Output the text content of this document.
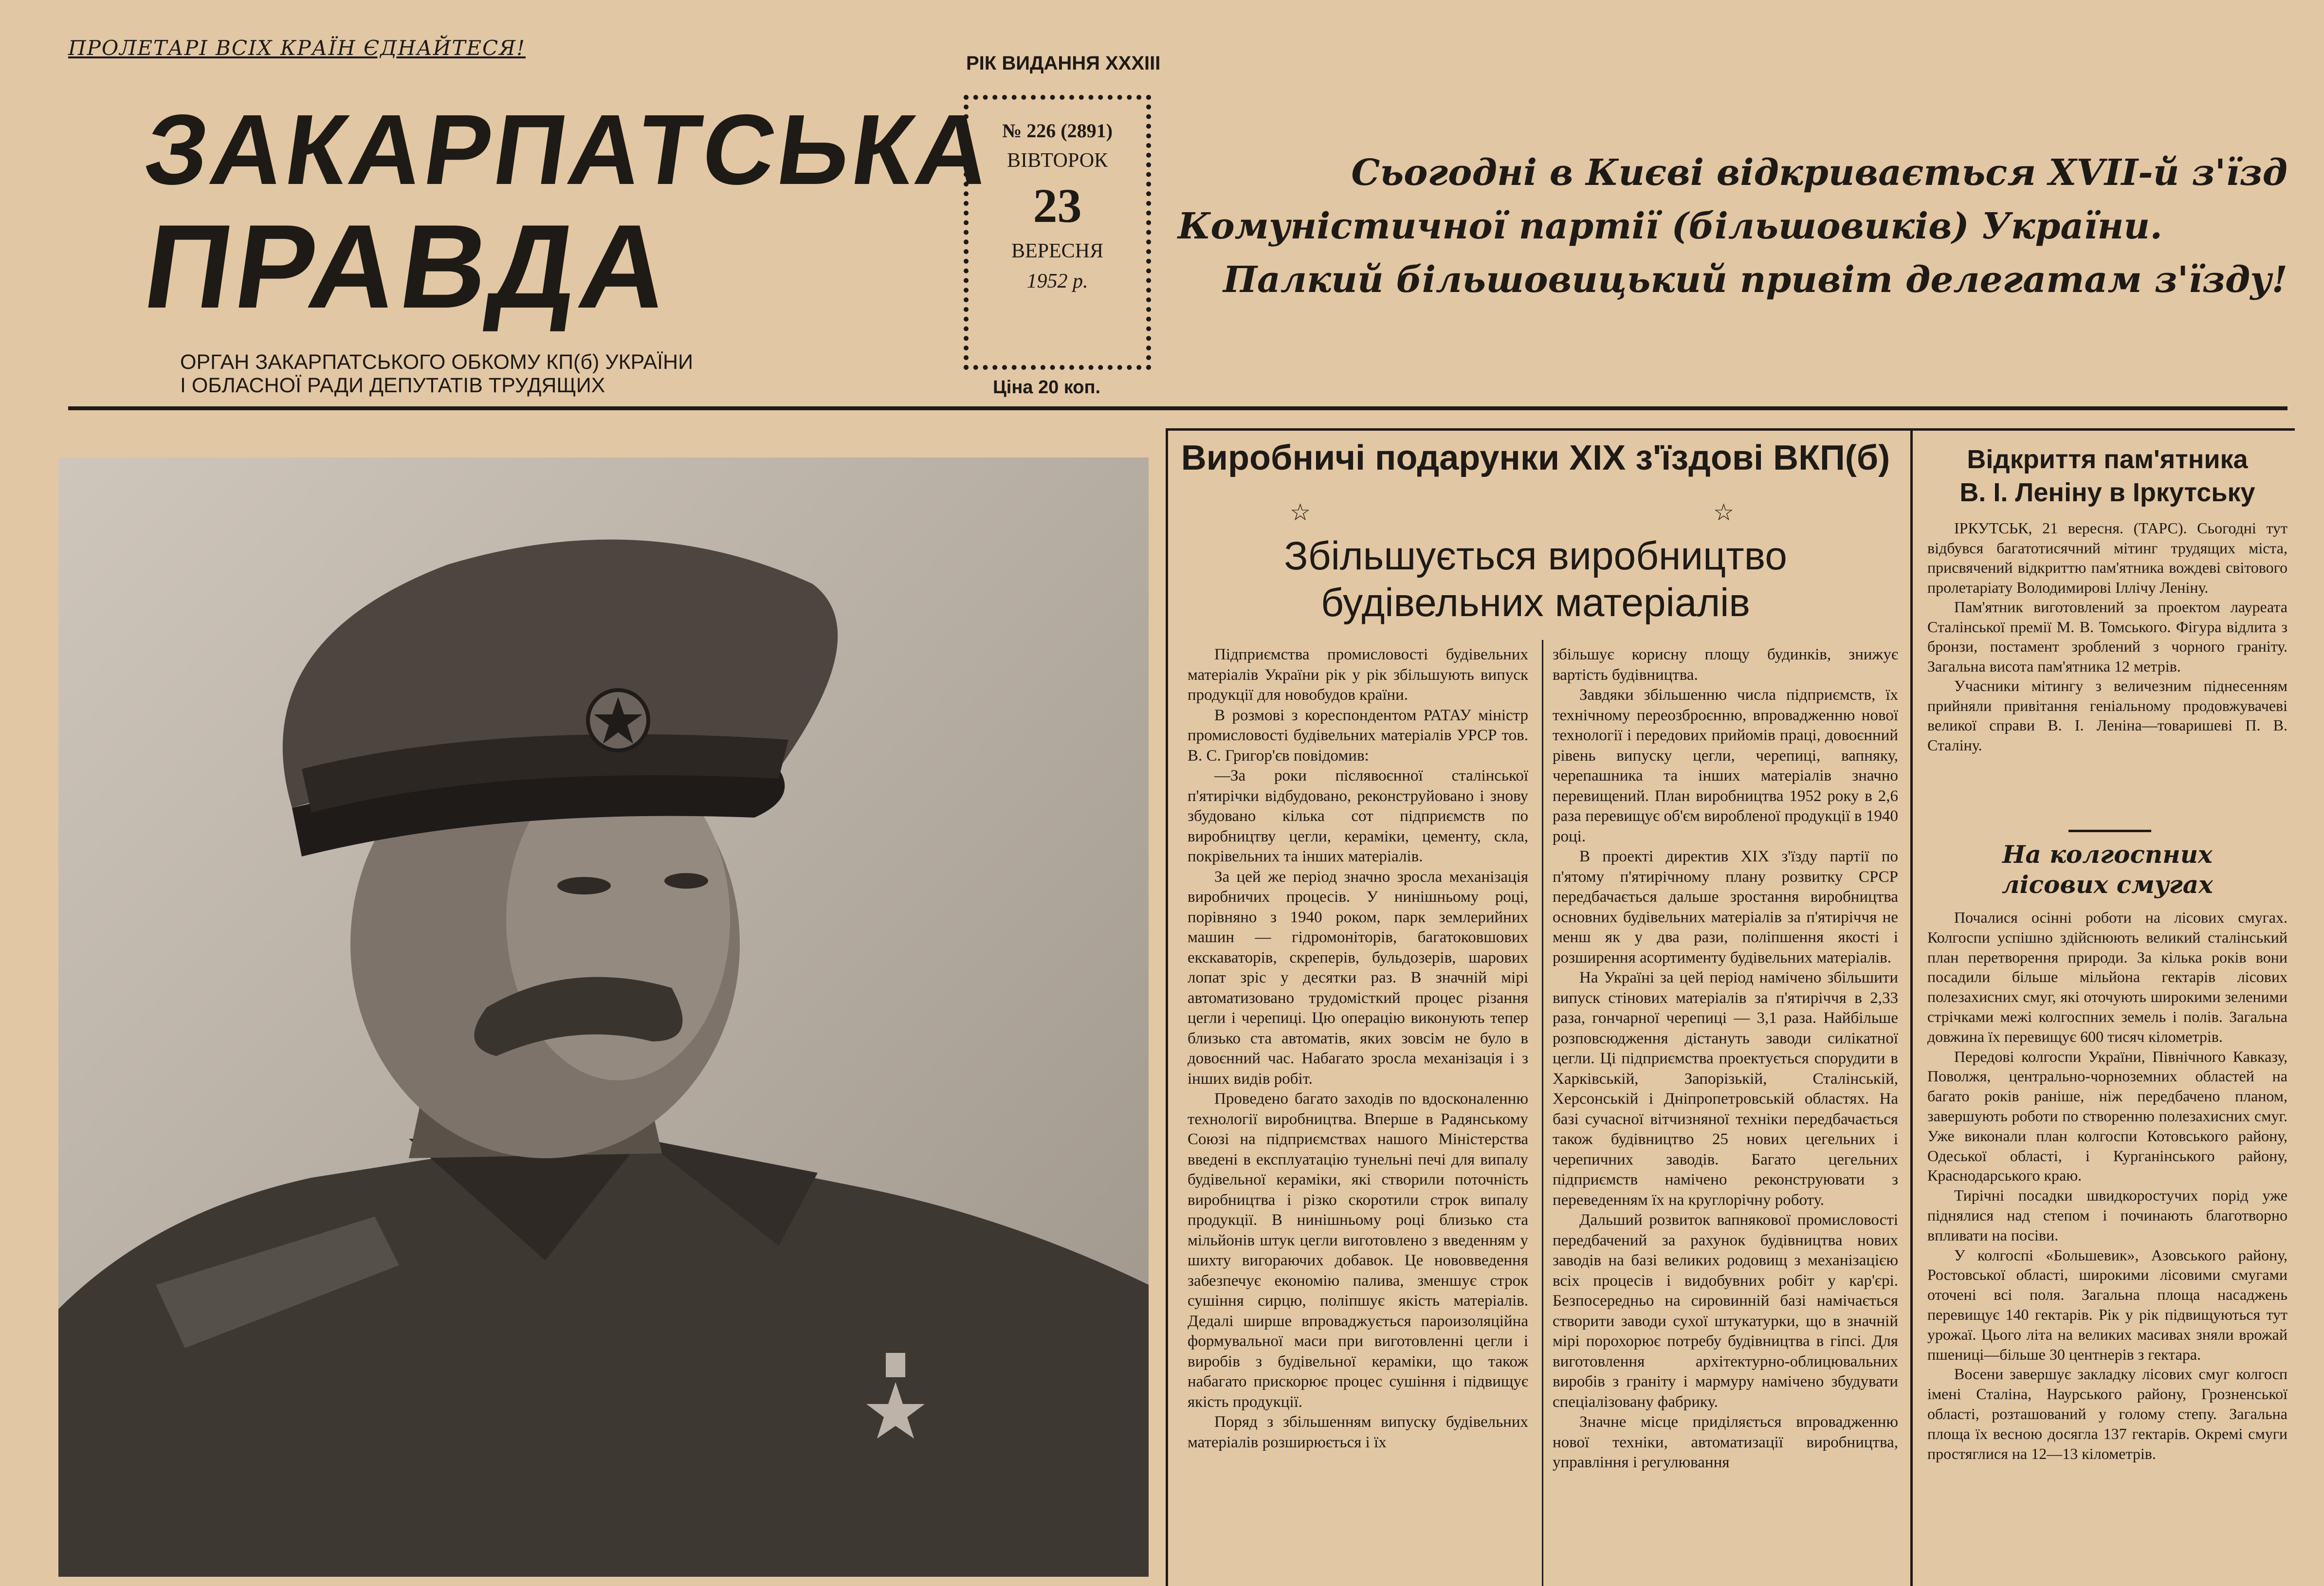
ПРОЛЕТАРІ ВСІХ КРАЇН ЄДНАЙТЕСЯ!
РІК ВИДАННЯ XXXIII
ЗАКАРПАТСЬКА
ПРАВДА
ОРГАН ЗАКАРПАТСЬКОГО ОБКОМУ КП(б) УКРАЇНИ
І ОБЛАСНОЇ РАДИ ДЕПУТАТІВ ТРУДЯЩИХ
№ 226 (2891)
ВІВТОРОК
23
ВЕРЕСНЯ
1952 р.
Ціна 20 коп.
Сьогодні в Києві відкривається XVII-й з'їзд
Комуністичної партії (більшовиків) України.
Палкий більшовицький привіт делегатам з'їзду!
Виробничі подарунки XIX з'їздові ВКП(б)
☆	☆
Збільшується виробництво будівельних матеріалів

Підприємства промисловості будівельних матеріалів України рік у рік збільшують випуск продукції для новобудов країни.

В розмові з кореспондентом РАТАУ міністр промисловості будівельних матеріалів УРСР тов. В. С. Григор'єв повідомив:

—За роки післявоєнної сталінської п'ятирічки відбудовано, реконструйовано і знову збудовано кілька сот підприємств по виробництву цегли, кераміки, цементу, скла, покрівельних та інших матеріалів.

За цей же період значно зросла механізація виробничих процесів. У нинішньому році, порівняно з 1940 роком, парк землерийних машин — гідромоніторів, багатоковшових екскаваторів, скреперів, бульдозерів, шарових лопат зріс у десятки раз. В значній мірі автоматизовано трудомісткий процес різання цегли і черепиці. Цю операцію виконують тепер близько ста автоматів, яких зовсім не було в довоєнний час. Набагато зросла механізація і з інших видів робіт.

Проведено багато заходів по вдосконаленню технології виробництва. Вперше в Радянському Союзі на підприємствах нашого Міністерства введені в експлуатацію тунельні печі для випалу будівельної кераміки, які створили поточність виробництва і різко скоротили строк випалу продукції. В нинішньому році близько ста мільйонів штук цегли виготовлено з введенням у шихту вигораючих добавок. Це нововведення забезпечує економію палива, зменшує строк сушіння сирцю, поліпшує якість матеріалів. Дедалі ширше впроваджується пароизоляційна формувальної маси при виготовленні цегли і виробів з будівельної кераміки, що також набагато прискорює процес сушіння і підвищує якість продукції.

Поряд з збільшенням випуску будівельних матеріалів розширюється і їх

збільшує корисну площу будинків, знижує вартість будівництва.

Завдяки збільшенню числа підприємств, їх технічному переозброєнню, впровадженню нової технології і передових прийомів праці, довоєнний рівень випуску цегли, черепиці, вапняку, черепашника та інших матеріалів значно перевищений. План виробництва 1952 року в 2,6 раза перевищує об'єм виробленої продукції в 1940 році.

В проекті директив XIX з'їзду партії по п'ятому п'ятирічному плану розвитку СРСР передбачається дальше зростання виробництва основних будівельних матеріалів за п'ятиріччя не менш як у два рази, поліпшення якості і розширення асортименту будівельних матеріалів.

На Україні за цей період намічено збільшити випуск стінових матеріалів за п'ятиріччя в 2,33 раза, гончарної черепиці — 3,1 раза. Найбільше розповсюдження дістануть заводи силікатної цегли. Ці підприємства проектується спорудити в Харківській, Запорізькій, Сталінській, Херсонській і Дніпропетровській областях. На базі сучасної вітчизняної техніки передбачається також будівництво 25 нових цегельних і черепичних заводів. Багато цегельних підприємств намічено реконструювати з переведенням їх на круглорічну роботу.

Дальший розвиток вапнякової промисловості передбачений за рахунок будівництва нових заводів на базі великих родовищ з механізацією всіх процесів і видобувних робіт у кар'єрі. Безпосередньо на сировинній базі намічається створити заводи сухої штукатурки, що в значній мірі порохорює потребу будівництва в гіпсі. Для виготовлення архітектурно-облицювальних виробів з граніту і мармуру намічено збудувати спеціалізовану фабрику.

Значне місце приділяється впровадженню нової техніки, автоматизації виробництва, управління і регулювання

Відкриття пам'ятника
В. І. Леніну в Іркутську

ІРКУТСЬК, 21 вересня. (ТАРС). Сьогодні тут відбувся багатотисячний мітинг трудящих міста, присвячений відкриттю пам'ятника вождеві світового пролетаріату Володимирові Іллічу Леніну.

Пам'ятник виготовлений за проектом лауреата Сталінської премії М. В. Томського. Фігура відлита з бронзи, постамент зроблений з чорного граніту. Загальна висота пам'ятника 12 метрів.

Учасники мітингу з величезним піднесенням прийняли привітання геніальному продовжувачеві великої справи В. І. Леніна—товаришеві П. В. Сталіну.

На колгоспних
лісових смугах

Почалися осінні роботи на лісових смугах. Колгоспи успішно здійснюють великий сталінський план перетворення природи. За кілька років вони посадили більше мільйона гектарів лісових полезахисних смуг, які оточують широкими зеленими стрічками межі колгоспних земель і полів. Загальна довжина їх перевищує 600 тисяч кілометрів.

Передові колгоспи України, Північного Кавказу, Поволжя, центрально-чорноземних областей на багато років раніше, ніж передбачено планом, завершують роботи по створенню полезахисних смуг. Уже виконали план колгоспи Котовського району, Одеської області, і Курганінського району, Краснодарського краю.

Тирічні посадки швидкоростучих порід уже піднялися над степом і починають благотворно впливати на посіви.

У колгоспі «Большевик», Азовського району, Ростовської області, широкими лісовими смугами оточені всі поля. Загальна площа насаджень перевищує 140 гектарів. Рік у рік підвищуються тут урожаї. Цього літа на великих масивах зняли врожай пшениці—більше 30 центнерів з гектара.

Восени завершує закладку лісових смуг колгосп імені Сталіна, Наурського району, Грозненської області, розташований у голому степу. Загальна площа їх весною досягла 137 гектарів. Окремі смуги простяглися на 12—13 кілометрів.
